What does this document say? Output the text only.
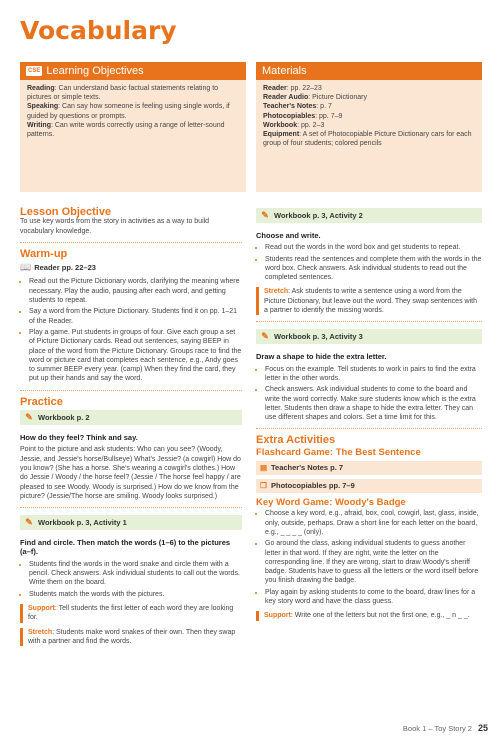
Vocabulary
CSE Learning Objectives
Reading: Can understand basic factual statements relating to pictures or simple texts.
Speaking: Can say how someone is feeling using single words, if guided by questions or prompts.
Writing: Can write words correctly using a range of letter-sound patterns.
Materials
Reader: pp. 22–23
Reader Audio: Picture Dictionary
Teacher's Notes: p. 7
Photocopiables: pp. 7–9
Workbook: pp. 2–3
Equipment: A set of Photocopiable Picture Dictionary cars for each group of four students; colored pencils
Lesson Objective

To use key words from the story in activities as a way to build vocabulary knowledge.

Warm-up
📖 Reader pp. 22–23
• Read out the Picture Dictionary words, clarifying the meaning where necessary. Play the audio, pausing after each word, and getting students to repeat.
• Say a word from the Picture Dictionary. Students find it on pp. 1–21 of the Reader.
• Play a game. Put students in groups of four. Give each group a set of Picture Dictionary cards. Read out sentences, saying BEEP in place of the word from the Picture Dictionary. Groups race to find the word or picture card that completes each sentence, e.g., Andy goes to summer BEEP every year. (camp) When they find the card, they put up their hands and say the word.
Practice
✎ Workbook p. 2
How do they feel? Think and say.

Point to the picture and ask students: Who can you see? (Woody, Jessie, and Jessie's horse/Bullseye) What's Jessie? (a cowgirl) How do you know? (She has a horse. She's wearing a cowgirl's clothes.) How do Jessie / Woody / the horse feel? (Jessie / The horse feel happy / are pleased to see Woody. Woody is surprised.) How do we know from the picture? (Jessie/The horse are smiling. Woody looks surprised.)

✎ Workbook p. 3, Activity 1
Find and circle. Then match the words (1–6) to the pictures (a–f).
• Students find the words in the word snake and circle them with a pencil. Check answers. Ask individual students to call out the words. Write them on the board.
• Students match the words with the pictures.
Support: Tell students the first letter of each word they are looking for.
Stretch: Students make word snakes of their own. Then they swap with a partner and find the words.
✎ Workbook p. 3, Activity 2
Choose and write.
• Read out the words in the word box and get students to repeat.
• Students read the sentences and complete them with the words in the word box. Check answers. Ask individual students to read out the completed sentences.
Stretch: Ask students to write a sentence using a word from the Picture Dictionary, but leave out the word. They swap sentences with a partner to identify the missing words.
✎ Workbook p. 3, Activity 3
Draw a shape to hide the extra letter.
• Focus on the example. Tell students to work in pairs to find the extra letter in the other words.
• Check answers. Ask individual students to come to the board and write the word correctly. Make sure students know which is the extra letter. Students then draw a shape to hide the extra letter. They can use different shapes and colors. Set a time limit for this.
Extra Activities
Flashcard Game: The Best Sentence
▤ Teacher's Notes p. 7
❐ Photocopiables pp. 7–9
Key Word Game: Woody's Badge
• Choose a key word, e.g., afraid, box, cool, cowgirl, last, glass, inside, only, outside, perhaps. Draw a short line for each letter on the board, e.g., _ _ _ _ (only).
• Go around the class, asking individual students to guess another letter in that word. If they are right, write the letter on the corresponding line. If they are wrong, start to draw Woody's sheriff badge. Students have to guess all the letters or the word itself before you finish drawing the badge.
• Play again by asking students to come to the board, draw lines for a key story word and have the class guess.
Support: Write one of the letters but not the first one, e.g., _ n _ _.
Book 1 – Toy Story 2 25
